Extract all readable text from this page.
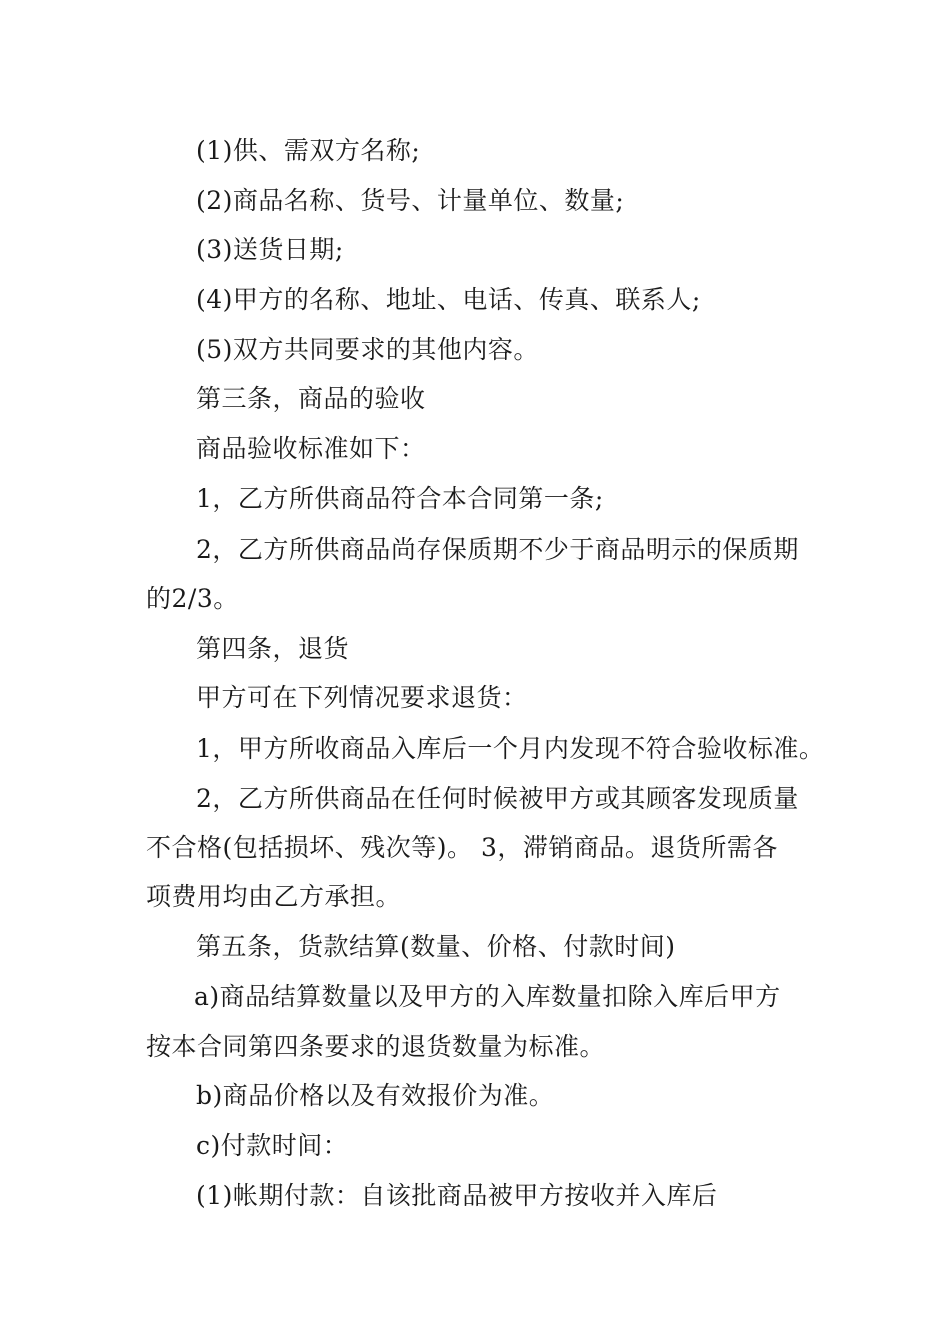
(1)供、需双方名称;
(2)商品名称、货号、计量单位、数量;
(3)送货日期;
(4)甲方的名称、地址、电话、传真、联系人;
(5)双方共同要求的其他内容。
第三条，商品的验收
商品验收标准如下：
1，乙方所供商品符合本合同第一条;
2，乙方所供商品尚存保质期不少于商品明示的保质期
的2/3。
第四条，退货
甲方可在下列情况要求退货：
1，甲方所收商品入库后一个月内发现不符合验收标准。
2，乙方所供商品在任何时候被甲方或其顾客发现质量
不合格(包括损坏、残次等)。 3，滞销商品。退货所需各
项费用均由乙方承担。
第五条，货款结算(数量、价格、付款时间)
a)商品结算数量以及甲方的入库数量扣除入库后甲方
按本合同第四条要求的退货数量为标准。
b)商品价格以及有效报价为准。
c)付款时间：
(1)帐期付款：自该批商品被甲方按收并入库后
